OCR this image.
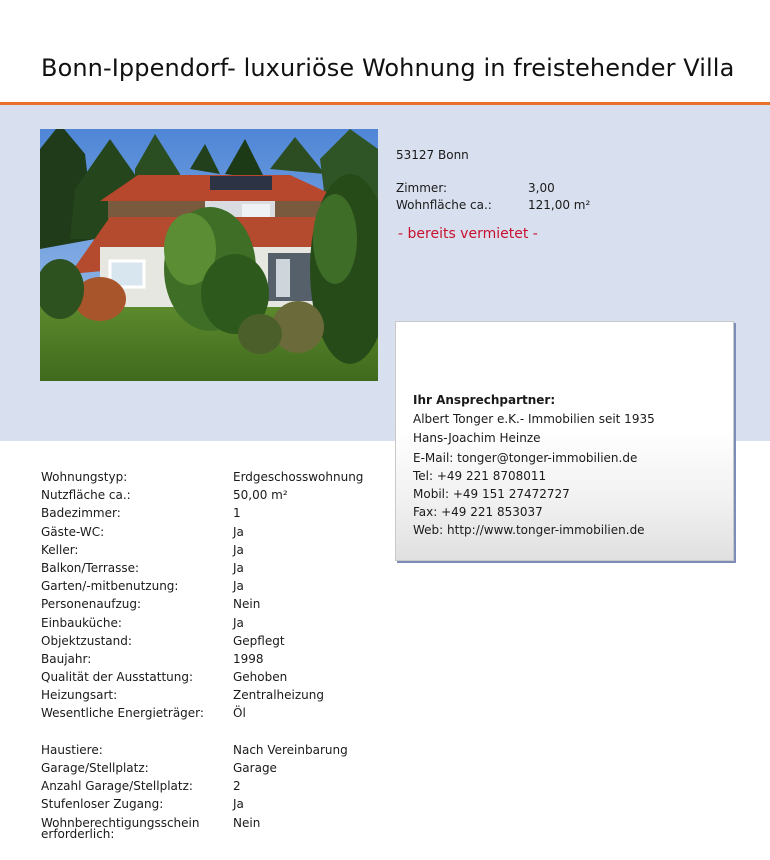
Bonn-Ippendorf- luxuriöse Wohnung in freistehender Villa
53127 Bonn
Zimmer:	3,00
Wohnfläche ca.:	121,00 m²
- bereits vermietet -
Ihr Ansprechpartner:
Albert Tonger e.K.- Immobilien seit 1935
Hans-Joachim Heinze
E-Mail: tonger@tonger-immobilien.de
Tel: +49 221 8708011
Mobil: +49 151 27472727
Fax: +49 221 853037
Web: http://www.tonger-immobilien.de
Wohnungstyp:	Erdgeschosswohnung
Nutzfläche ca.:	50,00 m²
Badezimmer:	1
Gäste-WC:	Ja
Keller:	Ja
Balkon/Terrasse:	Ja
Garten/-mitbenutzung:	Ja
Personenaufzug:	Nein
Einbauküche:	Ja
Objektzustand:	Gepflegt
Baujahr:	1998
Qualität der Ausstattung:	Gehoben
Heizungsart:	Zentralheizung
Wesentliche Energieträger: Öl
Haustiere:	Nach Vereinbarung
Garage/Stellplatz:	Garage
Anzahl Garage/Stellplatz:	2
Stufenloser Zugang:	Ja
Wohnberechtigungsschein
erforderlich:
Nein
